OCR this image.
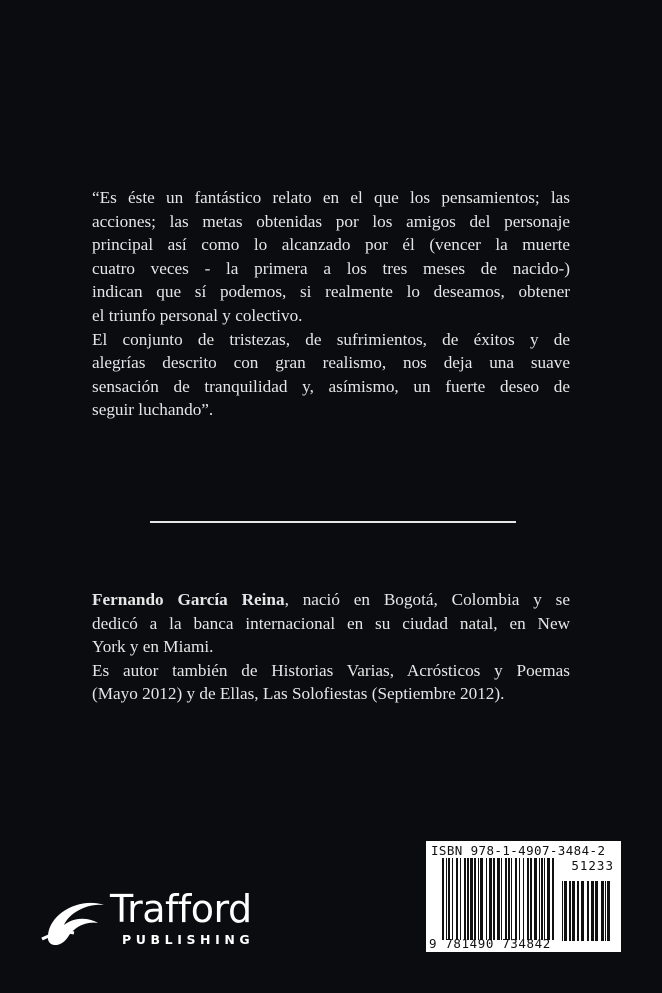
“Es éste un fantástico relato en el que los pensamientos; las
acciones; las metas obtenidas por los amigos del personaje
principal así como lo alcanzado por él (vencer la muerte
cuatro veces - la primera a los tres meses de nacido-)
indican que sí podemos, si realmente lo deseamos, obtener
el triunfo personal y colectivo.
El conjunto de tristezas, de sufrimientos, de éxitos y de
alegrías descrito con gran realismo, nos deja una suave
sensación de tranquilidad y, asímismo, un fuerte deseo de
seguir luchando”.
Fernando García Reina, nació en Bogotá, Colombia y se
dedicó a la banca internacional en su ciudad natal, en New
York y en Miami.
Es autor también de Historias Varias, Acrósticos y Poemas
(Mayo 2012) y de Ellas, Las Solofiestas (Septiembre 2012).
ISBN 978-1-4907-3484-2
51233
9 781490 734842
Trafford
PUBLISHING
